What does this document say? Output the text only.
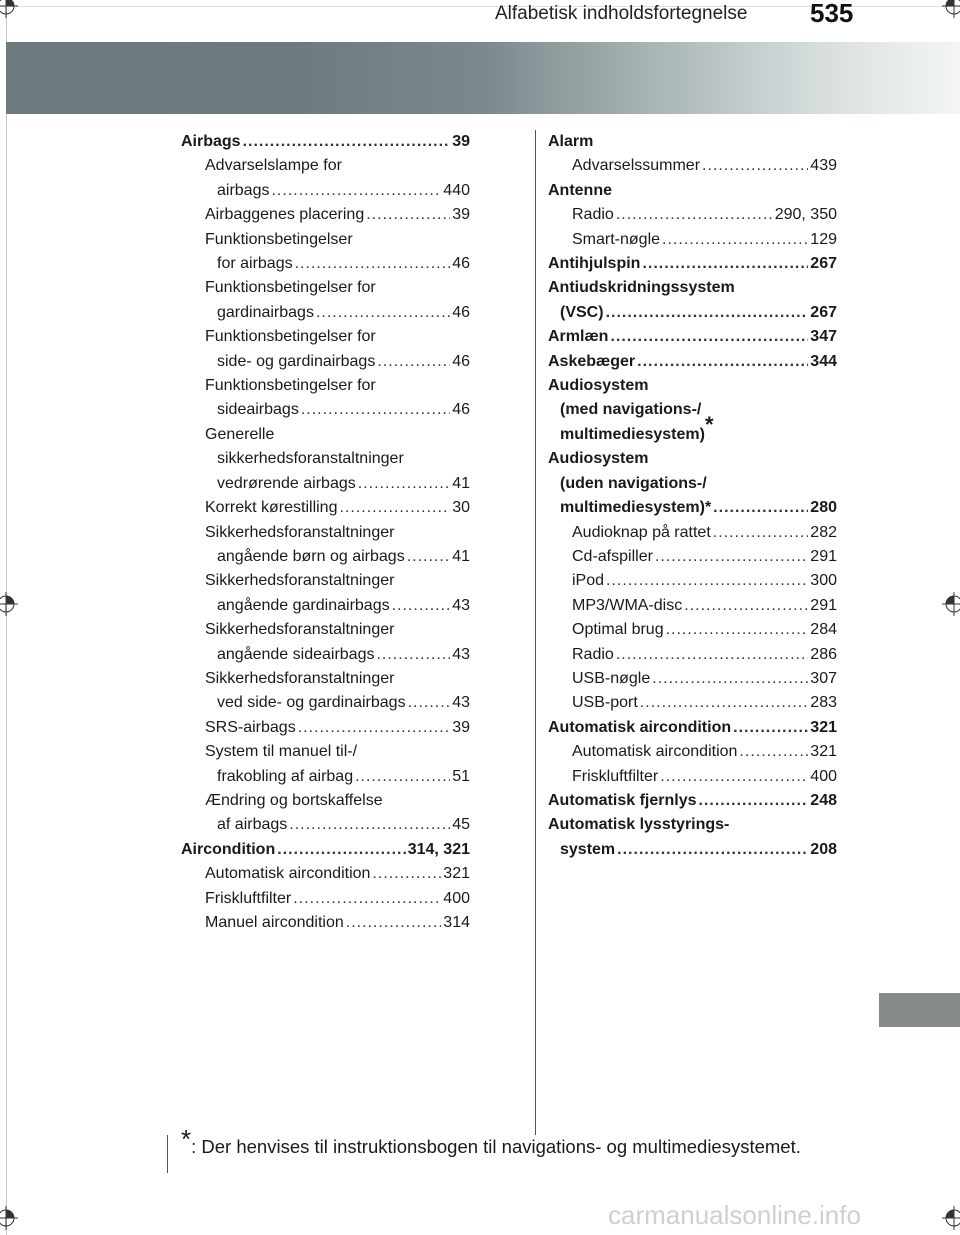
Alfabetisk indholdsfortegnelse 535
Airbags .....	39
Advarselslampe for
airbags .....	440
Airbaggenes placering .....	39
Funktionsbetingelser
for airbags .....	46
Funktionsbetingelser for
gardinairbags .....	46
Funktionsbetingelser for
side- og gardinairbags .....	46
Funktionsbetingelser for
sideairbags .....	46
Generelle
sikkerhedsforanstaltninger
vedrørende airbags .....	41
Korrekt kørestilling .....	30
Sikkerhedsforanstaltninger
angående børn og airbags .....	41
Sikkerhedsforanstaltninger
angående gardinairbags .....	43
Sikkerhedsforanstaltninger
angående sideairbags .....	43
Sikkerhedsforanstaltninger
ved side- og gardinairbags .....	43
SRS-airbags .....	39
System til manuel til-/
frakobling af airbag .....	51
Ændring og bortskaffelse
af airbags .....	45
Aircondition .....	314, 321
Automatisk aircondition .....	321
Friskluftfilter .....	400
Manuel aircondition .....	314
Alarm
Advarselssummer .....	439
Antenne
Radio .....	290, 350
Smart-nøgle .....	129
Antihjulspin .....	267
Antiudskridningssystem
(VSC) .....	267
Armlæn .....	347
Askebæger .....	344
Audiosystem
(med navigations-/
multimediesystem)*
Audiosystem
(uden navigations-/
multimediesystem)* .....	280
Audioknap på rattet .....	282
Cd-afspiller .....	291
iPod .....	300
MP3/WMA-disc .....	291
Optimal brug .....	284
Radio .....	286
USB-nøgle .....	307
USB-port .....	283
Automatisk aircondition .....	321
Automatisk aircondition .....	321
Friskluftfilter .....	400
Automatisk fjernlys .....	248
Automatisk lysstyrings-
system .....	208
*: Der henvises til instruktionsbogen til navigations- og multimediesystemet.
carmanualsonline.info
